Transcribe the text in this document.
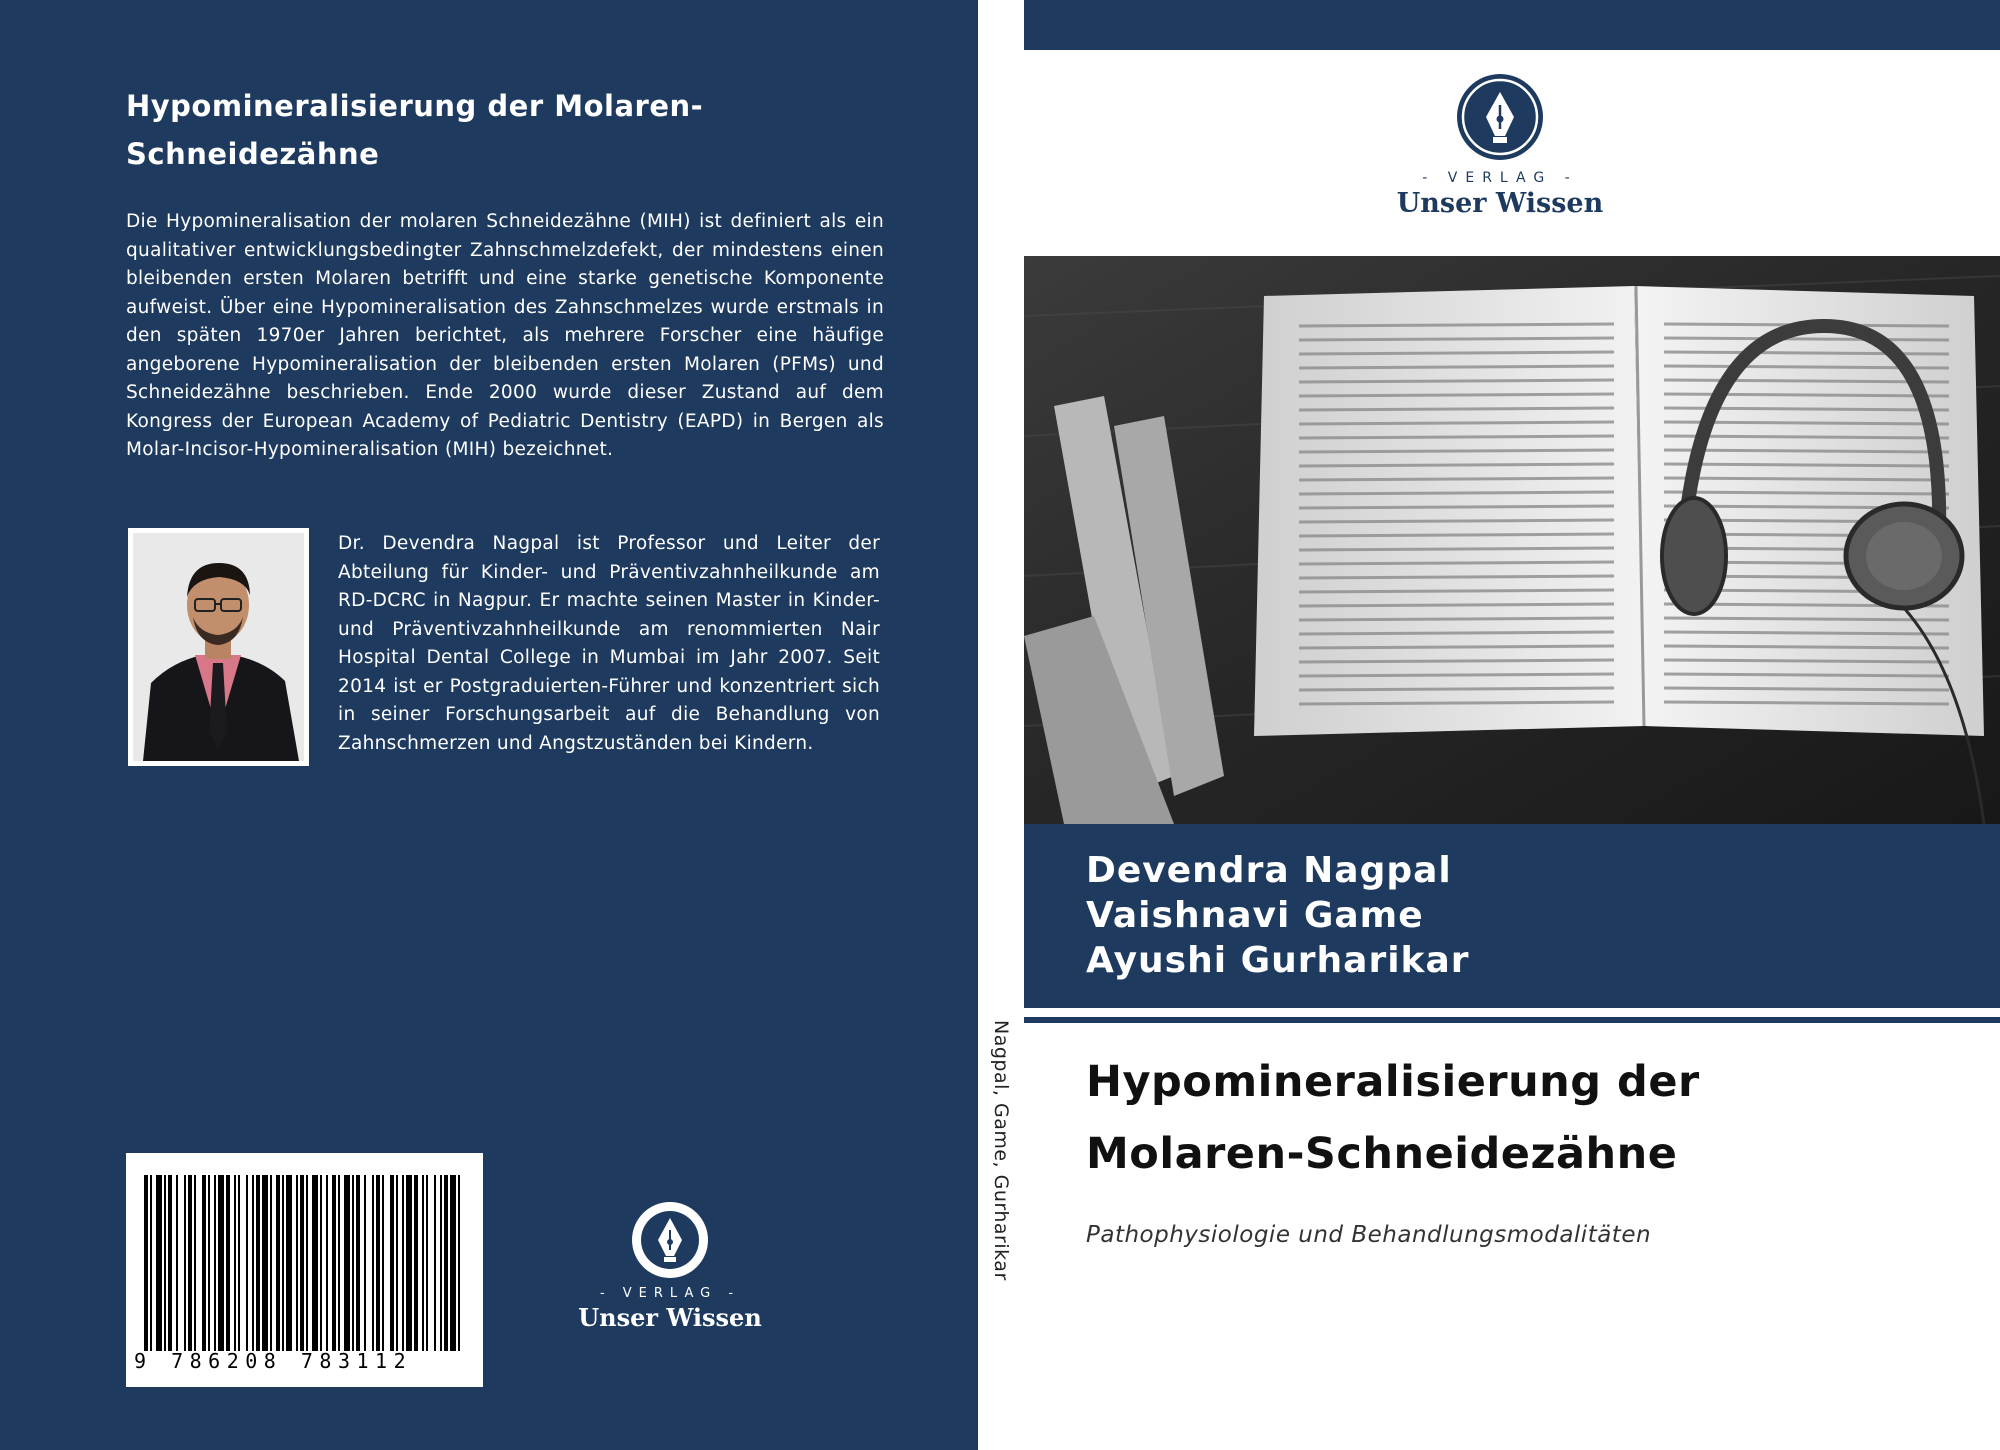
Hypomineralisierung der Molaren-Schneidezähne

Die Hypomineralisation der molaren Schneidezähne (MIH) ist definiert als ein qualitativer entwicklungsbedingter Zahnschmelzdefekt, der mindestens einen bleibenden ersten Molaren betrifft und eine starke genetische Komponente aufweist. Über eine Hypomineralisation des Zahnschmelzes wurde erstmals in den späten 1970er Jahren berichtet, als mehrere Forscher eine häufige angeborene Hypomineralisation der bleibenden ersten Molaren (PFMs) und Schneidezähne beschrieben. Ende 2000 wurde dieser Zustand auf dem Kongress der European Academy of Pediatric Dentistry (EAPD) in Bergen als Molar-Incisor-Hypomineralisation (MIH) bezeichnet.

Dr. Devendra Nagpal ist Professor und Leiter der Abteilung für Kinder- und Präventivzahnheilkunde am RD-DCRC in Nagpur. Er machte seinen Master in Kinder- und Präventivzahnheilkunde am renommierten Nair Hospital Dental College in Mumbai im Jahr 2007. Seit 2014 ist er Postgraduierten-Führer und konzentriert sich in seiner Forschungsarbeit auf die Behandlung von Zahnschmerzen und Angstzuständen bei Kindern.

9 786208 783112
- VERLAG -
Unser Wissen
Nagpal, Game, Gurharikar
- VERLAG -
Unser Wissen
Devendra Nagpal
Vaishnavi Game
Ayushi Gurharikar
Hypomineralisierung der
Molaren-Schneidezähne
Pathophysiologie und Behandlungsmodalitäten
